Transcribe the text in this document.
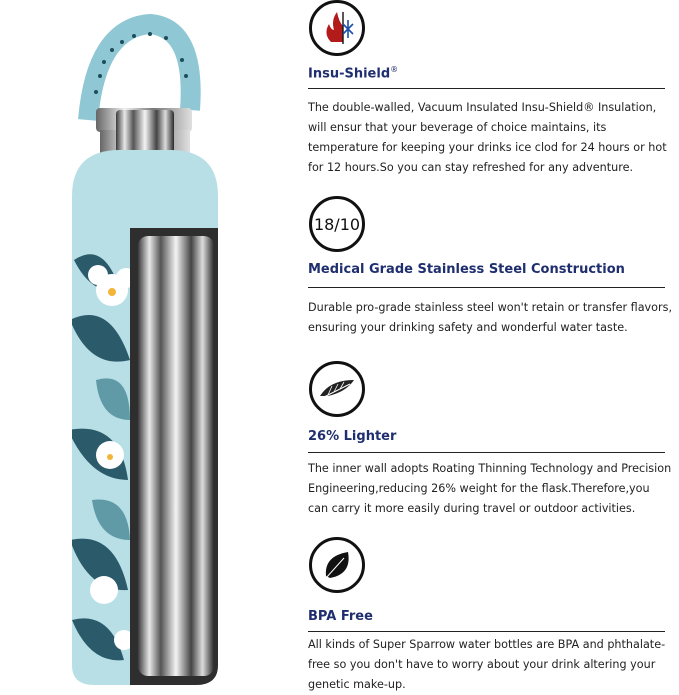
Insu-Shield®
The double-walled, Vacuum Insulated Insu-Shield® Insulation, will ensur that your beverage of choice maintains, its temperature for keeping your drinks ice clod for 24 hours or hot for 12 hours.So you can stay refreshed for any adventure.
18/10
Medical Grade Stainless Steel Construction
Durable pro-grade stainless steel won't retain or transfer flavors, ensuring your drinking safety and wonderful water taste.
26% Lighter
The inner wall adopts Roating Thinning Technology and Precision Engineering,reducing 26% weight for the flask.Therefore,you can carry it more easily during travel or outdoor activities.
BPA Free
All kinds of Super Sparrow water bottles are BPA and phthalate-free so you don't have to worry about your drink altering your genetic make-up.
